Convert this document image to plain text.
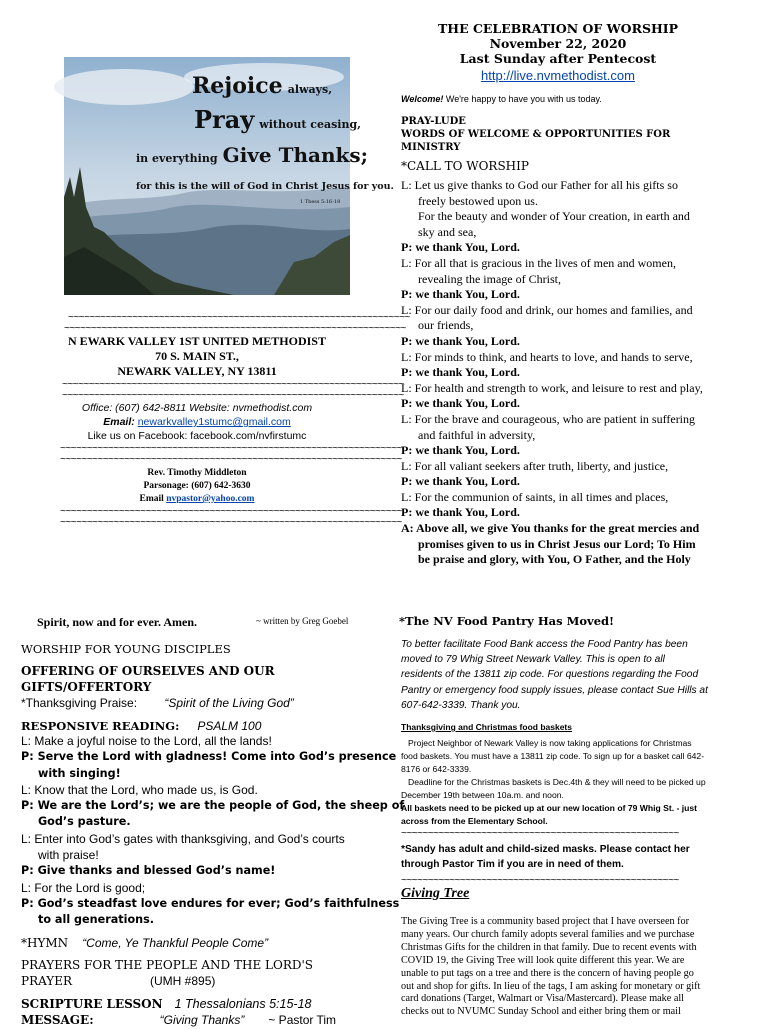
Rejoice always,
Pray without ceasing,
in everything Give Thanks;
for this is the will of God in Christ Jesus for you.
1 Thess 5:16-18
~~~~~~~~~~~~~~~~~~~~~~~~~~~~~~~~~~~~~~~~~~~~~~~~~~~~~~~~~~~~~~~~
~~~~~~~~~~~~~~~~~~~~~~~~~~~~~~~~~~~~~~~~~~~~~~~~~~~~~~~~~~~~~~~~
N EWARK VALLEY 1ST UNITED METHODIST
70 S. MAIN ST.,
NEWARK VALLEY, NY 13811
~~~~~~~~~~~~~~~~~~~~~~~~~~~~~~~~~~~~~~~~~~~~~~~~~~~~~~~~~~~~~~~~
~~~~~~~~~~~~~~~~~~~~~~~~~~~~~~~~~~~~~~~~~~~~~~~~~~~~~~~~~~~~~~~~
Office: (607) 642-8811 Website: nvmethodist.com
Email: newarkvalley1stumc@gmail.com
Like us on Facebook: facebook.com/nvfirstumc
~~~~~~~~~~~~~~~~~~~~~~~~~~~~~~~~~~~~~~~~~~~~~~~~~~~~~~~~~~~~~~~~
~~~~~~~~~~~~~~~~~~~~~~~~~~~~~~~~~~~~~~~~~~~~~~~~~~~~~~~~~~~~~~~~
Rev. Timothy Middleton
Parsonage: (607) 642-3630
Email nvpastor@yahoo.com
~~~~~~~~~~~~~~~~~~~~~~~~~~~~~~~~~~~~~~~~~~~~~~~~~~~~~~~~~~~~~~~~
~~~~~~~~~~~~~~~~~~~~~~~~~~~~~~~~~~~~~~~~~~~~~~~~~~~~~~~~~~~~~~~~
THE CELEBRATION OF WORSHIP
November 22, 2020
Last Sunday after Pentecost
http://live.nvmethodist.com
Welcome! We're happy to have you with us today.
PRAY-LUDE
WORDS OF WELCOME & OPPORTUNITIES FOR
MINISTRY
*CALL TO WORSHIP
L: Let us give thanks to God our Father for all his gifts so
freely bestowed upon us.
For the beauty and wonder of Your creation, in earth and
sky and sea,
P: we thank You, Lord.
L: For all that is gracious in the lives of men and women,
revealing the image of Christ,
P: we thank You, Lord.
L: For our daily food and drink, our homes and families, and
our friends,
P: we thank You, Lord.
L: For minds to think, and hearts to love, and hands to serve,
P: we thank You, Lord.
L: For health and strength to work, and leisure to rest and play,
P: we thank You, Lord.
L: For the brave and courageous, who are patient in suffering
and faithful in adversity,
P: we thank You, Lord.
L: For all valiant seekers after truth, liberty, and justice,
P: we thank You, Lord.
L: For the communion of saints, in all times and places,
P: we thank You, Lord.
A: Above all, we give You thanks for the great mercies and
promises given to us in Christ Jesus our Lord; To Him
be praise and glory, with You, O Father, and the Holy
Spirit, now and for ever. Amen.	~ written by Greg Goebel
WORSHIP FOR YOUNG DISCIPLES
OFFERING OF OURSELVES AND OUR
GIFTS/OFFERTORY
*Thanksgiving Praise: “Spirit of the Living God”
RESPONSIVE READING: PSALM 100
L: Make a joyful noise to the Lord, all the lands!
P: Serve the Lord with gladness! Come into God’s presence
with singing!
L: Know that the Lord, who made us, is God.
P: We are the Lord’s; we are the people of God, the sheep of
God’s pasture.
L: Enter into God’s gates with thanksgiving, and God’s courts
with praise!
P: Give thanks and blessed God’s name!
L: For the Lord is good;
P: God’s steadfast love endures for ever; God’s faithfulness
to all generations.
*HYMN “Come, Ye Thankful People Come”
PRAYERS FOR THE PEOPLE AND THE LORD'S
PRAYER	(UMH #895)
SCRIPTURE LESSON 1 Thessalonians 5:15-18
MESSAGE:	“Giving Thanks” ~ Pastor Tim
*The NV Food Pantry Has Moved!
To better facilitate Food Bank access the Food Pantry has been
moved to 79 Whig Street Newark Valley. This is open to all
residents of the 13811 zip code. For questions regarding the Food
Pantry or emergency food supply issues, please contact Sue Hills at
607-642-3339. Thank you.
Thanksgiving and Christmas food baskets
Project Neighbor of Newark Valley is now taking applications for Christmas
food baskets. You must have a 13811 zip code. To sign up for a basket call 642-
8176 or 642-3339.
Deadline for the Christmas baskets is Dec.4th & they will need to be picked up
December 19th between 10a.m. and noon.
All baskets need to be picked up at our new location of 79 Whig St. - just
across from the Elementary School.
~~~~~~~~~~~~~~~~~~~~~~~~~~~~~~~~~~~~~~~~~~~~~~~~~~~~
*Sandy has adult and child-sized masks. Please contact her
through Pastor Tim if you are in need of them.
~~~~~~~~~~~~~~~~~~~~~~~~~~~~~~~~~~~~~~~~~~~~~~~~~~~~
Giving Tree
The Giving Tree is a community based project that I have overseen for
many years. Our church family adopts several families and we purchase
Christmas Gifts for the children in that family. Due to recent events with
COVID 19, the Giving Tree will look quite different this year. We are
unable to put tags on a tree and there is the concern of having people go
out and shop for gifts. In lieu of the tags, I am asking for monetary or gift
card donations (Target, Walmart or Visa/Mastercard). Please make all
checks out to NVUMC Sunday School and either bring them or mail
